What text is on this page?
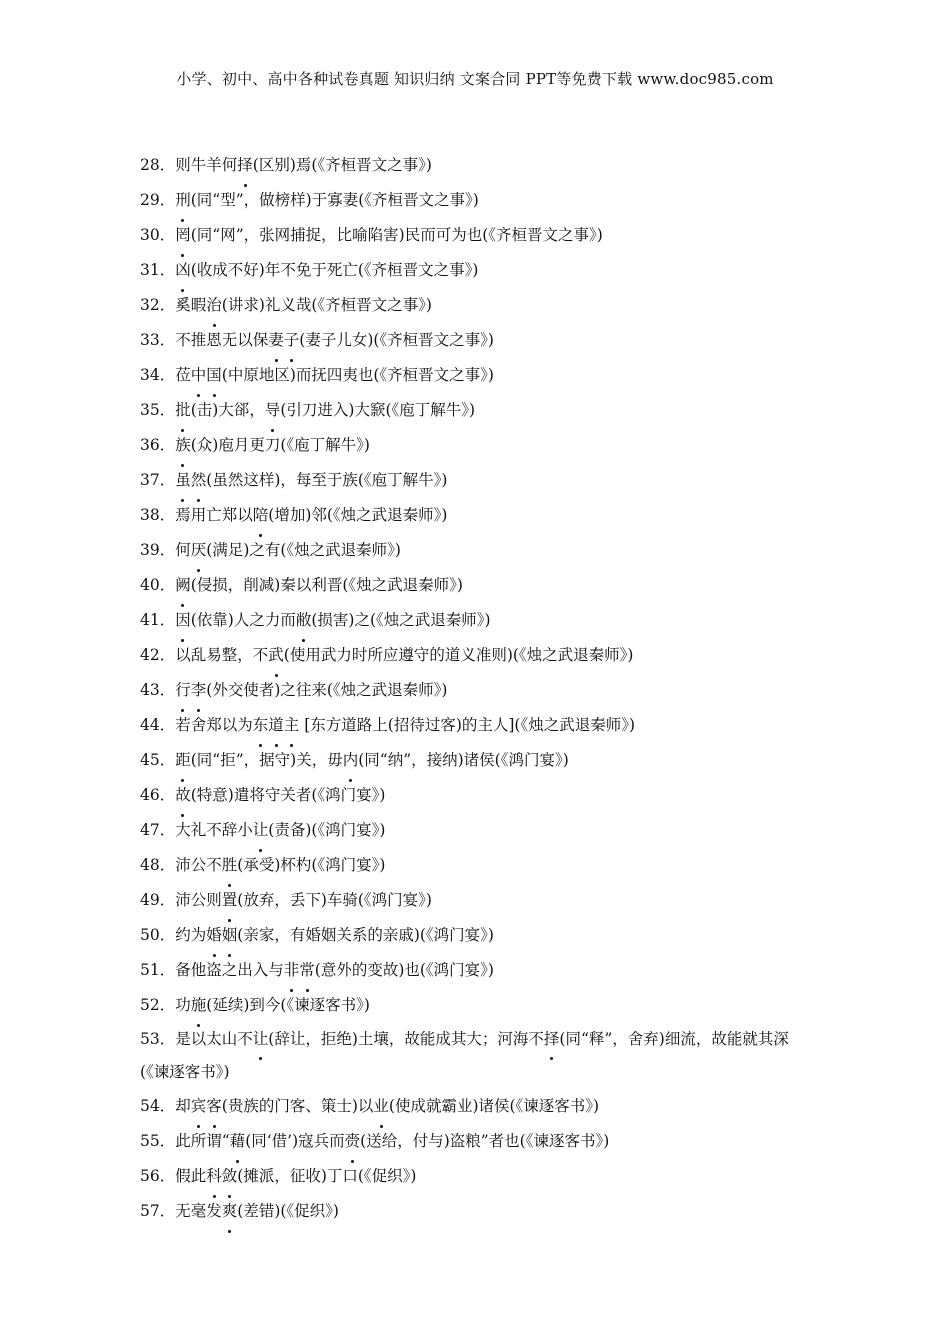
小学、初中、高中各种试卷真题 知识归纳 文案合同 PPT等免费下载 www.doc985.com
28．则牛羊何择(区别)焉(《齐桓晋文之事》)
29．刑(同“型”，做榜样)于寡妻(《齐桓晋文之事》)
30．罔(同“网”，张网捕捉，比喻陷害)民而可为也(《齐桓晋文之事》)
31．凶(收成不好)年不免于死亡(《齐桓晋文之事》)
32．奚暇治(讲求)礼义哉(《齐桓晋文之事》)
33．不推恩无以保妻子(妻子儿女)(《齐桓晋文之事》)
34．莅中国(中原地区)而抚四夷也(《齐桓晋文之事》)
35．批(击)大郤，导(引刀进入)大窾(《庖丁解牛》)
36．族(众)庖月更刀(《庖丁解牛》)
37．虽然(虽然这样)，每至于族(《庖丁解牛》)
38．焉用亡郑以陪(增加)邻(《烛之武退秦师》)
39．何厌(满足)之有(《烛之武退秦师》)
40．阙(侵损，削减)秦以利晋(《烛之武退秦师》)
41．因(依靠)人之力而敝(损害)之(《烛之武退秦师》)
42．以乱易整，不武(使用武力时所应遵守的道义准则)(《烛之武退秦师》)
43．行李(外交使者)之往来(《烛之武退秦师》)
44．若舍郑以为东道主 [东方道路上(招待过客)的主人](《烛之武退秦师》)
45．距(同“拒”，据守)关，毋内(同“纳”，接纳)诸侯(《鸿门宴》)
46．故(特意)遣将守关者(《鸿门宴》)
47．大礼不辞小让(责备)(《鸿门宴》)
48．沛公不胜(承受)杯杓(《鸿门宴》)
49．沛公则置(放弃，丢下)车骑(《鸿门宴》)
50．约为婚姻(亲家，有婚姻关系的亲戚)(《鸿门宴》)
51．备他盗之出入与非常(意外的变故)也(《鸿门宴》)
52．功施(延续)到今(《谏逐客书》)
53．是以太山不让(辞让，拒绝)土壤，故能成其大；河海不择(同“释”，舍弃)细流，故能就其深(《谏逐客书》)
54．却宾客(贵族的门客、策士)以业(使成就霸业)诸侯(《谏逐客书》)
55．此所谓“藉(同‘借’)寇兵而赍(送给，付与)盗粮”者也(《谏逐客书》)
56．假此科敛(摊派，征收)丁口(《促织》)
57．无毫发爽(差错)(《促织》)
